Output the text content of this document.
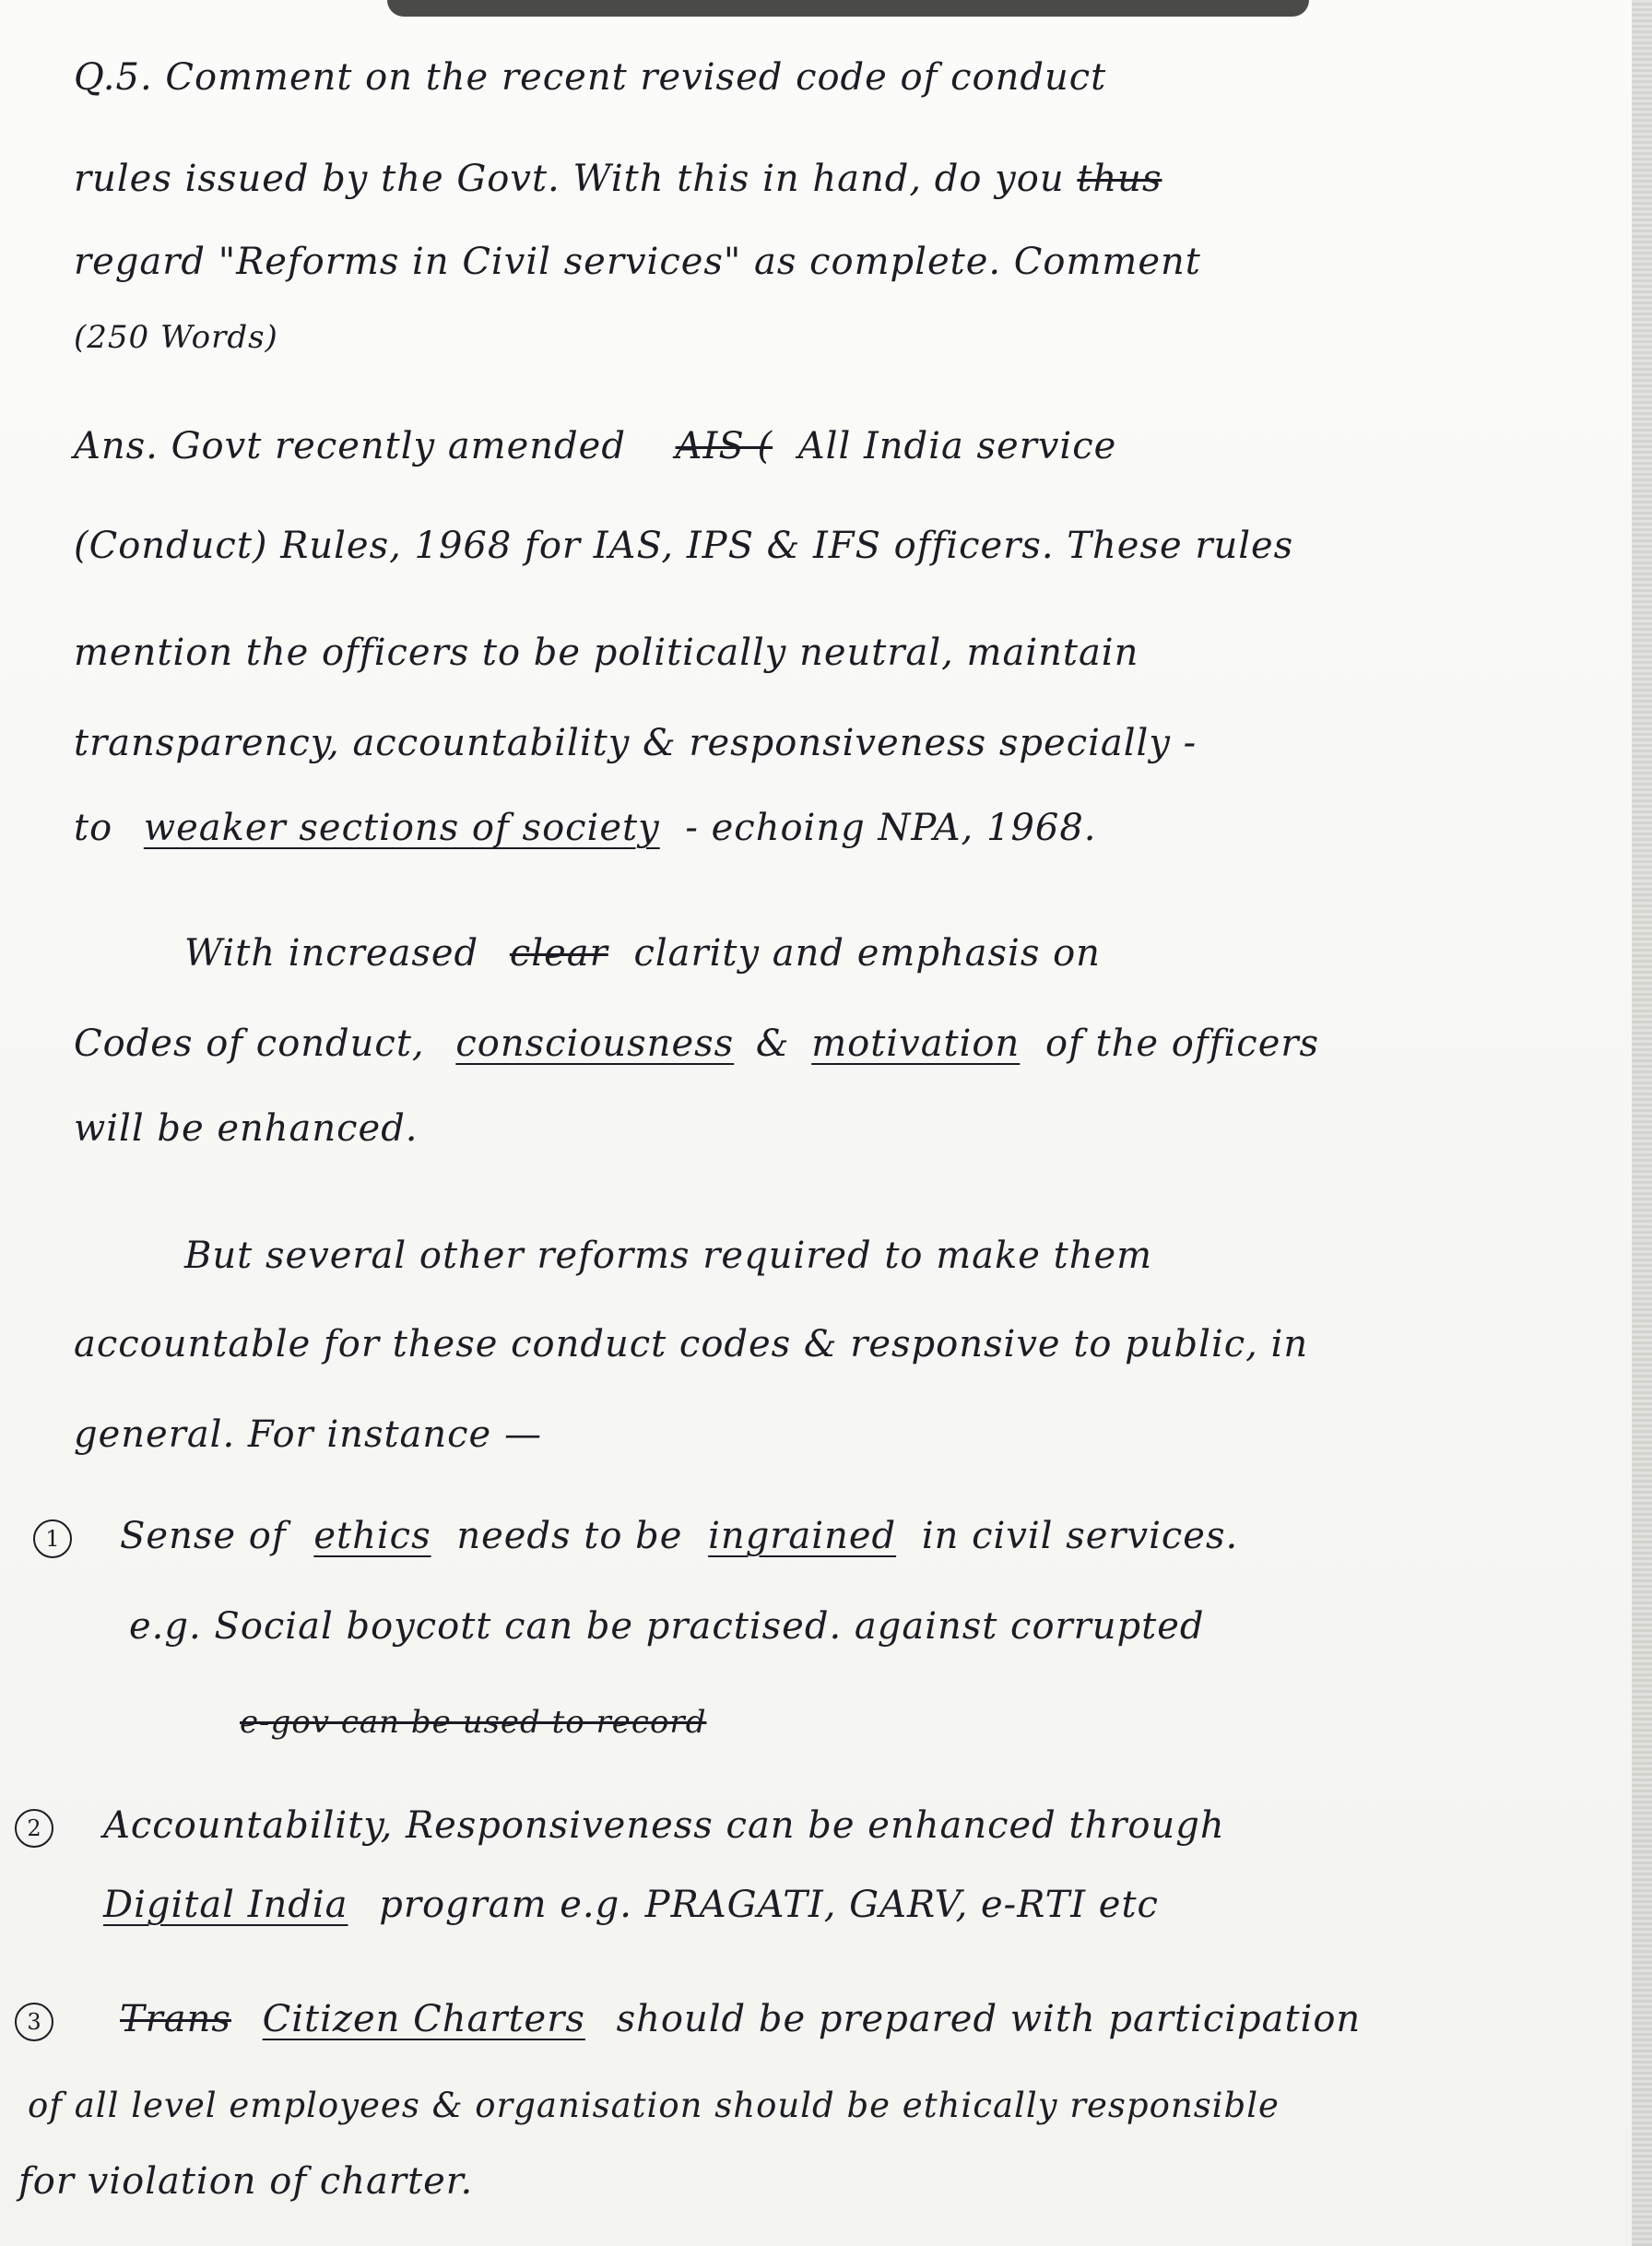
Q.5. Comment on the recent revised code of conduct
rules issued by the Govt. With this in hand, do you thus
regard "Reforms in Civil services" as complete. Comment
(250 Words)
Ans. Govt recently amended AIS ( All India service
(Conduct) Rules, 1968 for IAS, IPS & IFS officers. These rules
mention the officers to be politically neutral, maintain
transparency, accountability & responsiveness specially -
to weaker sections of society - echoing NPA, 1968.
With increased clear clarity and emphasis on
Codes of conduct, consciousness & motivation of the officers
will be enhanced.
But several other reforms required to make them
accountable for these conduct codes & responsive to public, in
general. For instance —
1	Sense of ethics needs to be ingrained in civil services.
e.g. Social boycott can be practised. against corrupted
e-gov can be used to record
2	Accountability, Responsiveness can be enhanced through
Digital India program e.g. PRAGATI, GARV, e-RTI etc
3	Trans Citizen Charters should be prepared with participation
of all level employees & organisation should be ethically responsible
for violation of charter.
